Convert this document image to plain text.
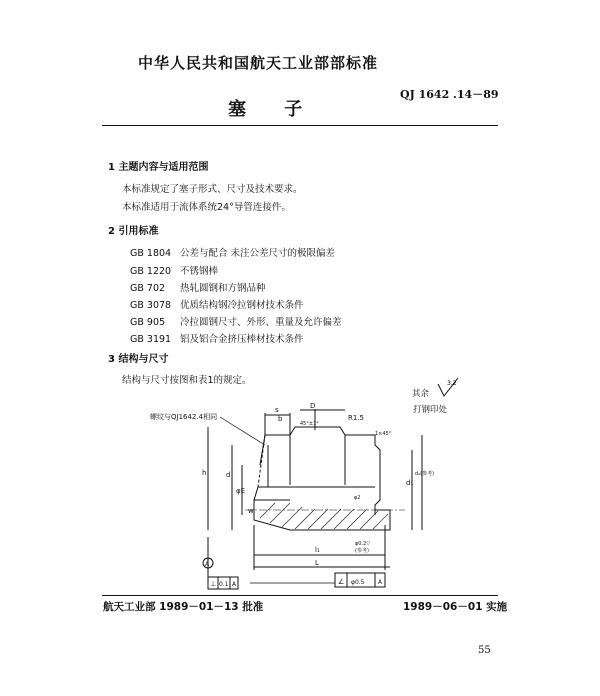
中华人民共和国航天工业部部标准
QJ 1642 .14－89
塞 子
1 主题内容与适用范围
本标准规定了塞子形式、尺寸及技术要求。
本标准适用于流体系统24°导管连接件。
2 引用标准
GB 1804 公差与配合 未注公差尺寸的极限偏差
GB 1220 不锈钢棒
GB 702 热轧圆钢和方钢品种
GB 3078 优质结构钢冷拉钢材技术条件
GB 905 冷拉圆钢尺寸、外形、重量及允许偏差
GB 3191 铝及铝合金挤压棒材技术条件
3 结构与尺寸
结构与尺寸按图和表1的规定。
其余
3.2
打钢印处
螺纹与QJ1642.4相同
s
b
D
45°±1°
R1.5
1×45°
h	d
φE
w
d₁
d₂(参考)
φ2
l₁
L
φ0.2▽
(参考)
A
⊥ 0.1 A	∠ φ0.5 A
航天工业部 1989－01－13 批准	1989－06－01 实施
55
